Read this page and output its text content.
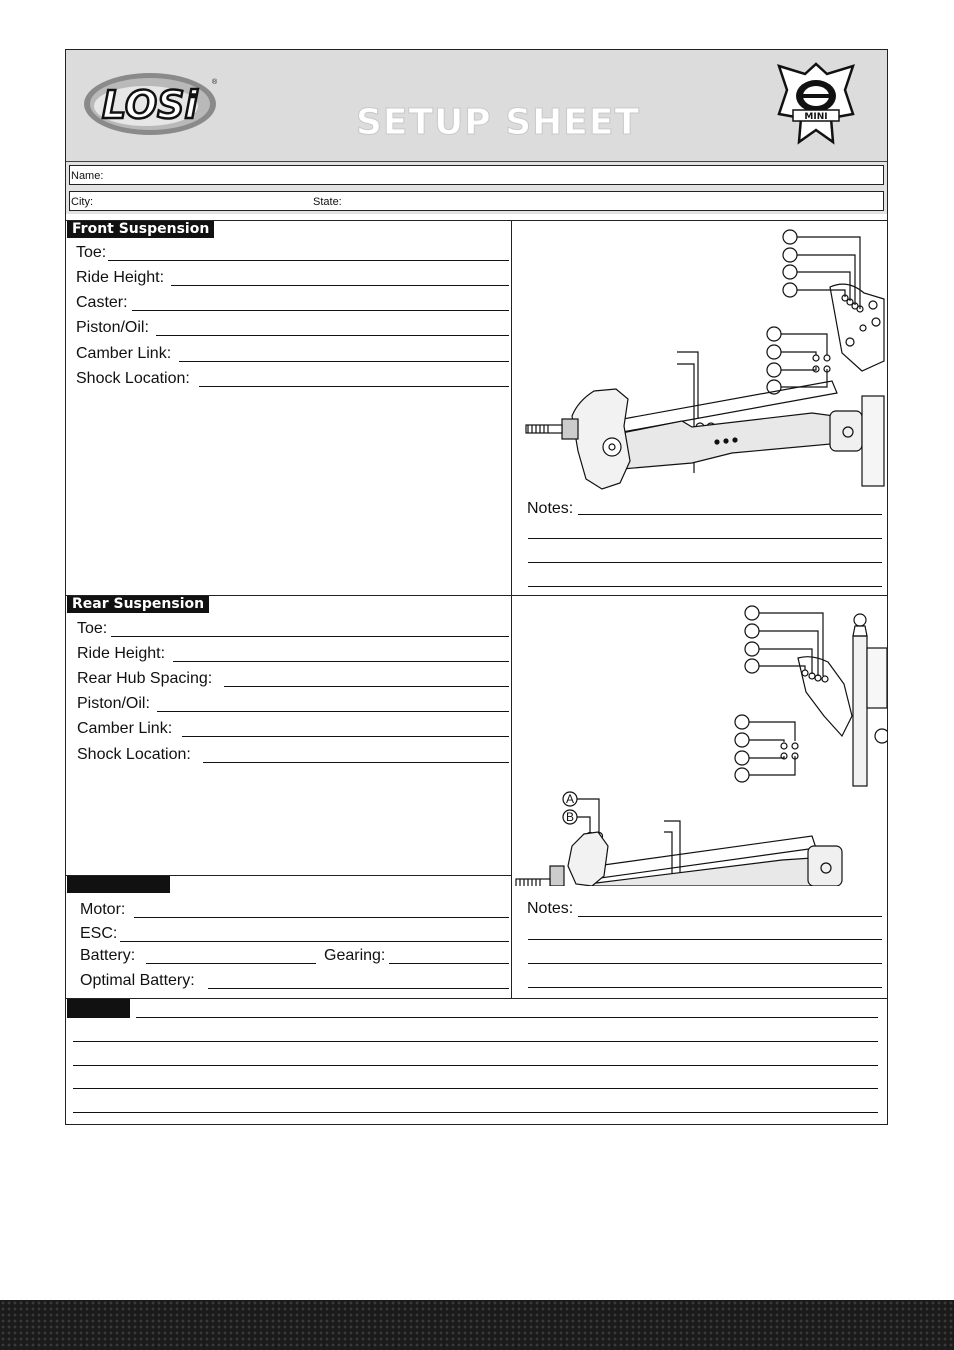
LOSi
®
SETUP SHEET	MINI
Name:
City:	State:
Front Suspension
Toe:
Ride Height:
Caster:
Piston/Oil:
Camber Link:
Shock Location:
Notes:
Rear Suspension
Toe:
Ride Height:
Rear Hub Spacing:
Piston/Oil:
Camber Link:
Shock Location:
A
B
Motor:
ESC:
Battery:	Gearing:
Optimal Battery:
Notes:
